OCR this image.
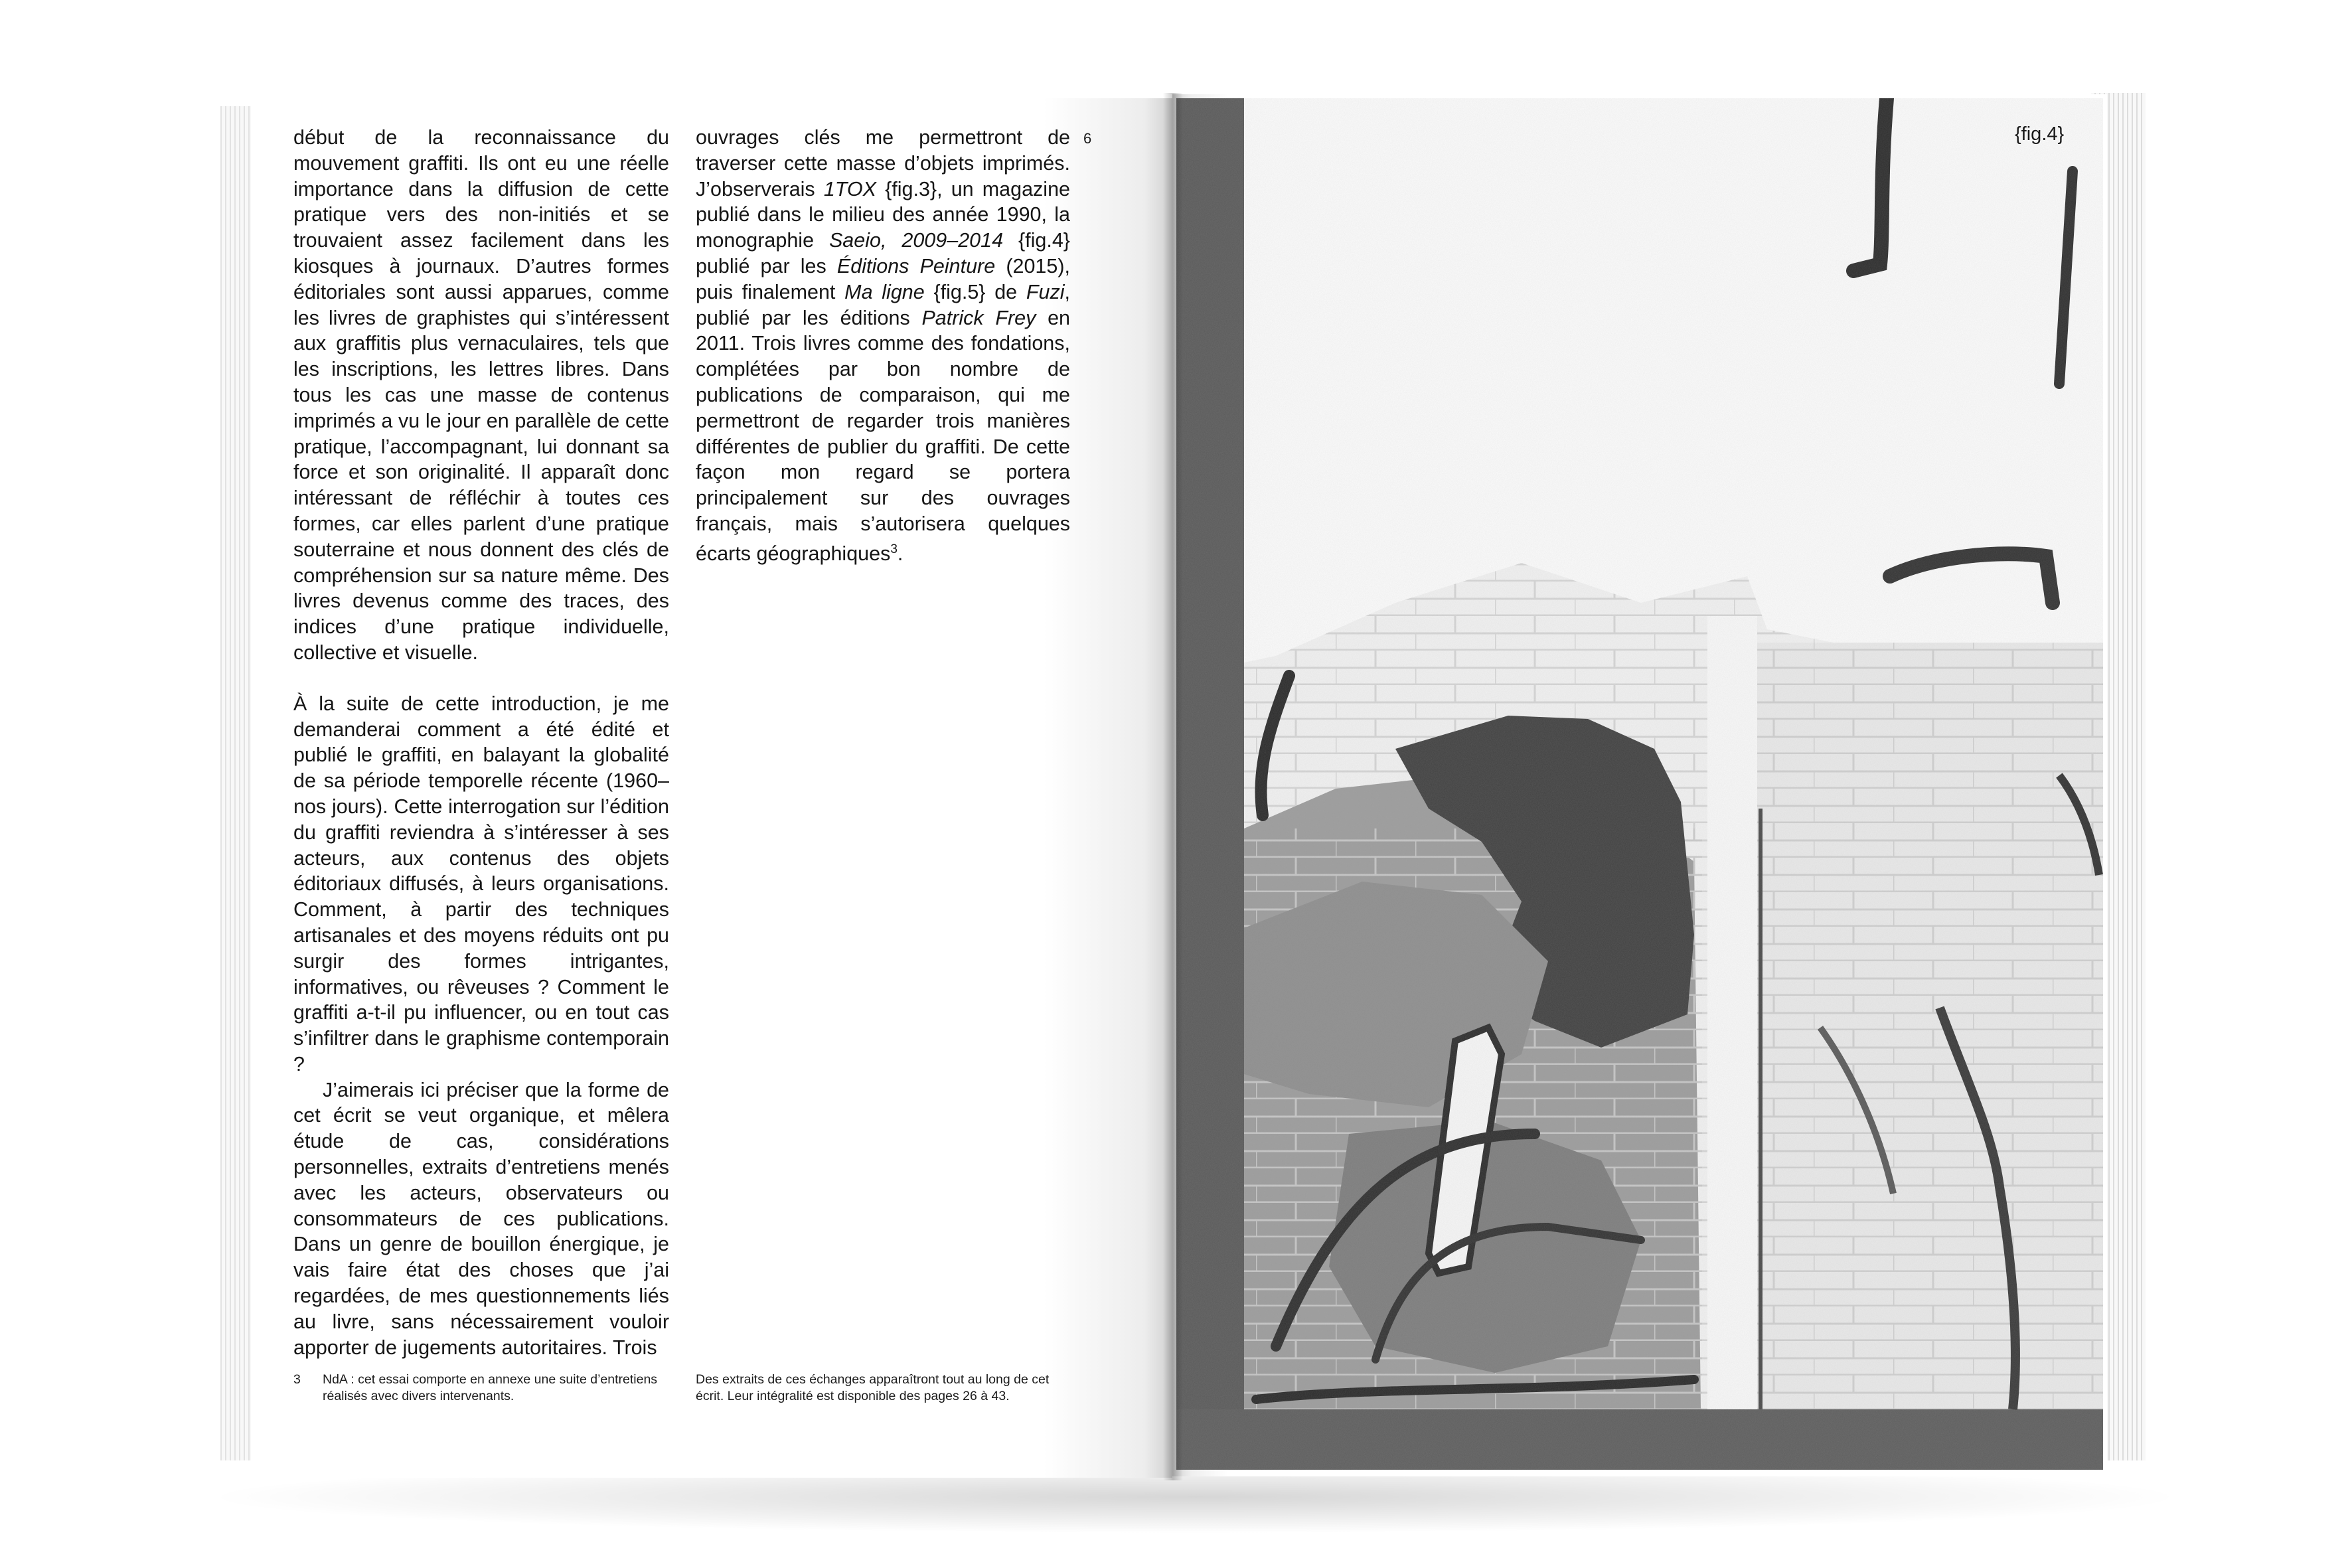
début de la reconnaissance du mouvement graffiti. Ils ont eu une réelle importance dans la diffusion de cette pratique vers des non-initiés et se trouvaient assez facilement dans les kiosques à journaux. D’autres formes éditoriales sont aussi apparues, comme les livres de graphistes qui s’intéressent aux graffitis plus vernaculaires, tels que les inscriptions, les lettres libres. Dans tous les cas une masse de contenus imprimés a vu le jour en parallèle de cette pratique, l’accompagnant, lui donnant sa force et son originalité. Il apparaît donc intéressant de réfléchir à toutes ces formes, car elles parlent d’une pratique souterraine et nous donnent des clés de compréhension sur sa nature même. Des livres devenus comme des traces, des indices d’une pratique individuelle, collective et visuelle.

À la suite de cette introduction, je me demanderai comment a été édité et publié le graffiti, en balayant la globalité de sa période temporelle récente (1960–nos jours). Cette interrogation sur l’édition du graffiti reviendra à s’intéresser à ses acteurs, aux contenus des objets éditoriaux diffusés, à leurs organisations. Comment, à partir des techniques artisanales et des moyens réduits ont pu surgir des formes intrigantes, informatives, ou rêveuses ? Comment le graffiti a-t-il pu influencer, ou en tout cas s’infiltrer dans le graphisme contemporain ?

J’aimerais ici préciser que la forme de cet écrit se veut organique, et mêlera étude de cas, considérations personnelles, extraits d’entretiens menés avec les acteurs, observateurs ou consommateurs de ces publications. Dans un genre de bouillon énergique, je vais faire état des choses que j’ai regardées, de mes questionnements liés au livre, sans nécessairement vouloir apporter de jugements autoritaires. Trois

ouvrages clés me permettront de traverser cette masse d’objets imprimés. J’observerais 1TOX {fig.3}, un magazine publié dans le milieu des année 1990, la monographie Saeio, 2009–2014 {fig.4} publié par les Éditions Peinture (2015), puis finalement Ma ligne {fig.5} de Fuzi, publié par les éditions Patrick Frey en 2011. Trois livres comme des fondations, complétées par bon nombre de publications de comparaison, qui me permettront de regarder trois manières différentes de publier du graffiti. De cette façon mon regard se portera principalement sur des ouvrages français, mais s’autorisera quelques écarts géographiques$^3$.

6
3 NdA : cet essai comporte en annexe une suite d’entretiens réalisés avec divers intervenants.
Des extraits de ces échanges apparaîtront tout au long de cet écrit. Leur intégralité est disponible des pages 26 à 43.
{fig.4}
